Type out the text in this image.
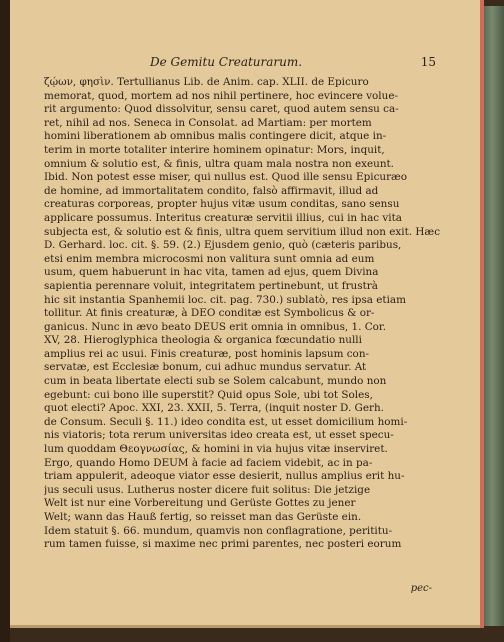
De Gemitu Creaturarum.	15
ζῴων, φησὶν. Tertullianus Lib. de Anim. cap. XLII. de Epicuro
memorat, quod, mortem ad nos nihil pertinere, hoc evincere volue-
rit argumento: Quod dissolvitur, sensu caret, quod autem sensu ca-
ret, nihil ad nos. Seneca in Consolat. ad Martiam: per mortem
homini liberationem ab omnibus malis contingere dicit, atque in-
terim in morte totaliter interire hominem opinatur: Mors, inquit,
omnium & solutio est, & finis, ultra quam mala nostra non exeunt.
Ibid. Non potest esse miser, qui nullus est. Quod ille sensu Epicuræo
de homine, ad immortalitatem condito, falsò affirmavit, illud ad
creaturas corporeas, propter hujus vitæ usum conditas, sano sensu
applicare possumus. Interitus creaturæ servitii illius, cui in hac vita
subjecta est, & solutio est & finis, ultra quem servitium illud non exit. Hæc
D. Gerhard. loc. cit. §. 59. (2.) Ejusdem genio, quò (cæteris paribus,
etsi enim membra microcosmi non valitura sunt omnia ad eum
usum, quem habuerunt in hac vita, tamen ad ejus, quem Divina
sapientia perennare voluit, integritatem pertinebunt, ut frustrà
hic sit instantia Spanhemii loc. cit. pag. 730.) sublatò, res ipsa etiam
tollitur. At finis creaturæ, à DEO conditæ est Symbolicus & or-
ganicus. Nunc in ævo beato DEUS erit omnia in omnibus, 1. Cor.
XV, 28. Hieroglyphica theologia & organica fœcundatio nulli
amplius rei ac usui. Finis creaturæ, post hominis lapsum con-
servatæ, est Ecclesiæ bonum, cui adhuc mundus servatur. At
cum in beata libertate electi sub se Solem calcabunt, mundo non
egebunt: cui bono ille superstit? Quid opus Sole, ubi tot Soles,
quot electi? Apoc. XXI, 23. XXII, 5. Terra, (inquit noster D. Gerh.
de Consum. Seculi §. 11.) ideo condita est, ut esset domicilium homi-
nis viatoris; tota rerum universitas ideo creata est, ut esset specu-
lum quoddam Θεογνωσίας, & homini in via hujus vitæ inserviret.
Ergo, quando Homo DEUM à facie ad faciem videbit, ac in pa-
triam appulerit, adeoque viator esse desierit, nullus amplius erit hu-
jus seculi usus. Lutherus noster dicere fuit solitus: Die jetzige
Welt ist nur eine Vorbereitung und Gerüste Gottes zu jener
Welt; wann das Hauß fertig, so reisset man das Gerüste ein.
Idem statuit §. 66. mundum, quamvis non conflagratione, perititu-
rum tamen fuisse, si maxime nec primi parentes, nec posteri eorum
pec-
